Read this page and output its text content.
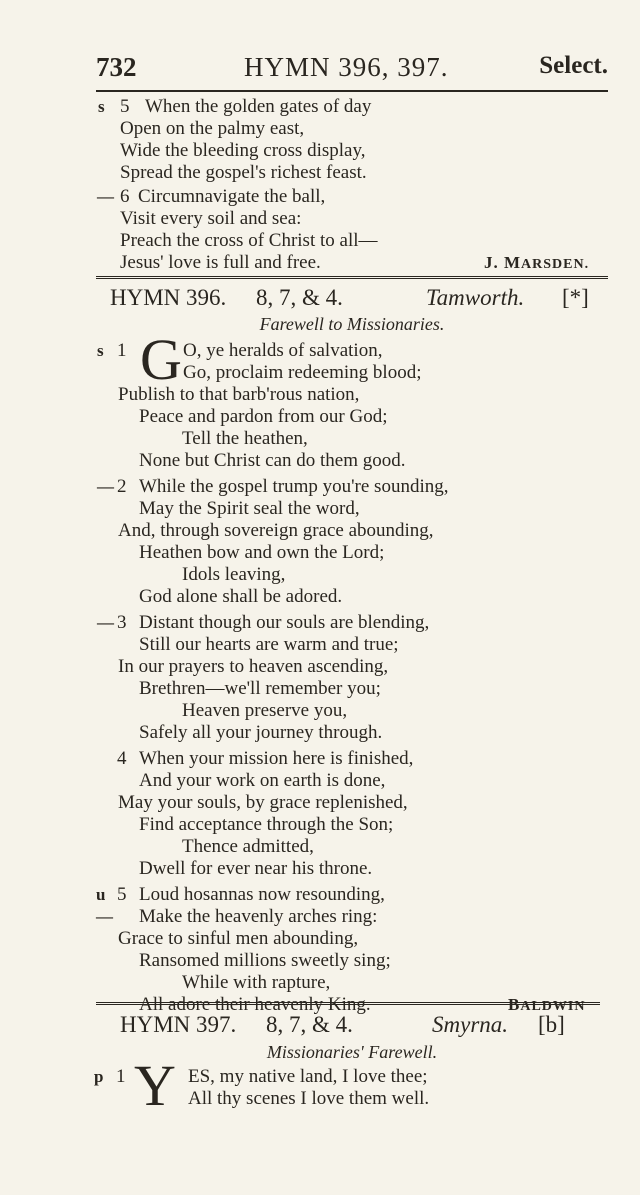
732	HYMN 396, 397.	Select.
s 5 When the golden gates of day
Open on the palmy east,
Wide the bleeding cross display,
Spread the gospel's richest feast.
— 6 Circumnavigate the ball,
Visit every soil and sea:
Preach the cross of Christ to all—
Jesus' love is full and free.	J. MARSDEN.
HYMN 396. 8, 7, & 4.	Tamworth. [*]
Farewell to Missionaries.
s 1 G O, ye heralds of salvation,
Go, proclaim redeeming blood;
Publish to that barb'rous nation,
Peace and pardon from our God;
Tell the heathen,
None but Christ can do them good.
— 2 While the gospel trump you're sounding,
May the Spirit seal the word,
And, through sovereign grace abounding,
Heathen bow and own the Lord;
Idols leaving,
God alone shall be adored.
— 3 Distant though our souls are blending,
Still our hearts are warm and true;
In our prayers to heaven ascending,
Brethren—we'll remember you;
Heaven preserve you,
Safely all your journey through.
4 When your mission here is finished,
And your work on earth is done,
May your souls, by grace replenished,
Find acceptance through the Son;
Thence admitted,
Dwell for ever near his throne.
u 5 Loud hosannas now resounding,
— Make the heavenly arches ring:
Grace to sinful men abounding,
Ransomed millions sweetly sing;
While with rapture,
All adore their heavenly King.	BALDWIN
HYMN 397. 8, 7, & 4.	Smyrna. [b]
Missionaries' Farewell.
p 1 Y ES, my native land, I love thee;
All thy scenes I love them well.
